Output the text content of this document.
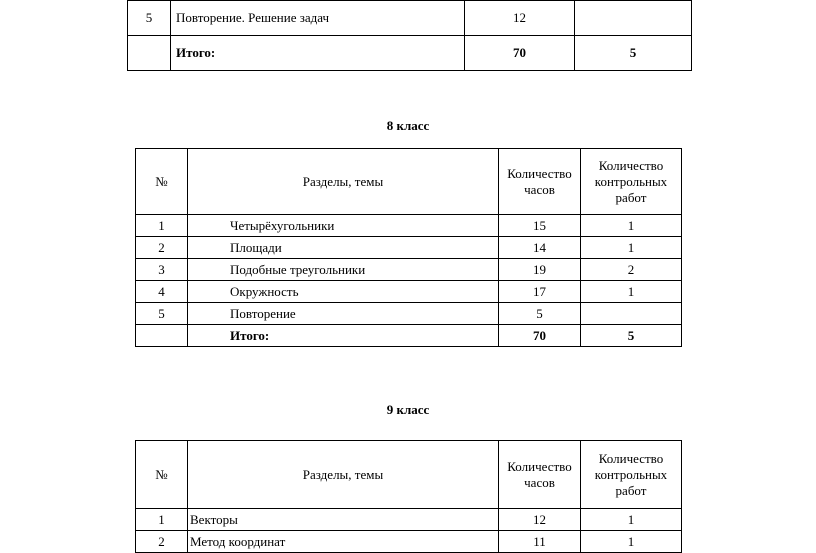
5	Повторение. Решение задач	12	
	Итого:	70	5
8 класс
№	Разделы, темы	Количество часов	Количество контрольных работ
1	Четырёхугольники	15	1
2	Площади	14	1
3	Подобные треугольники	19	2
4	Окружность	17	1
5	Повторение	5	
	Итого:	70	5
9 класс
№	Разделы, темы	Количество часов	Количество контрольных работ
1	Векторы	12	1
2	Метод координат	11	1
